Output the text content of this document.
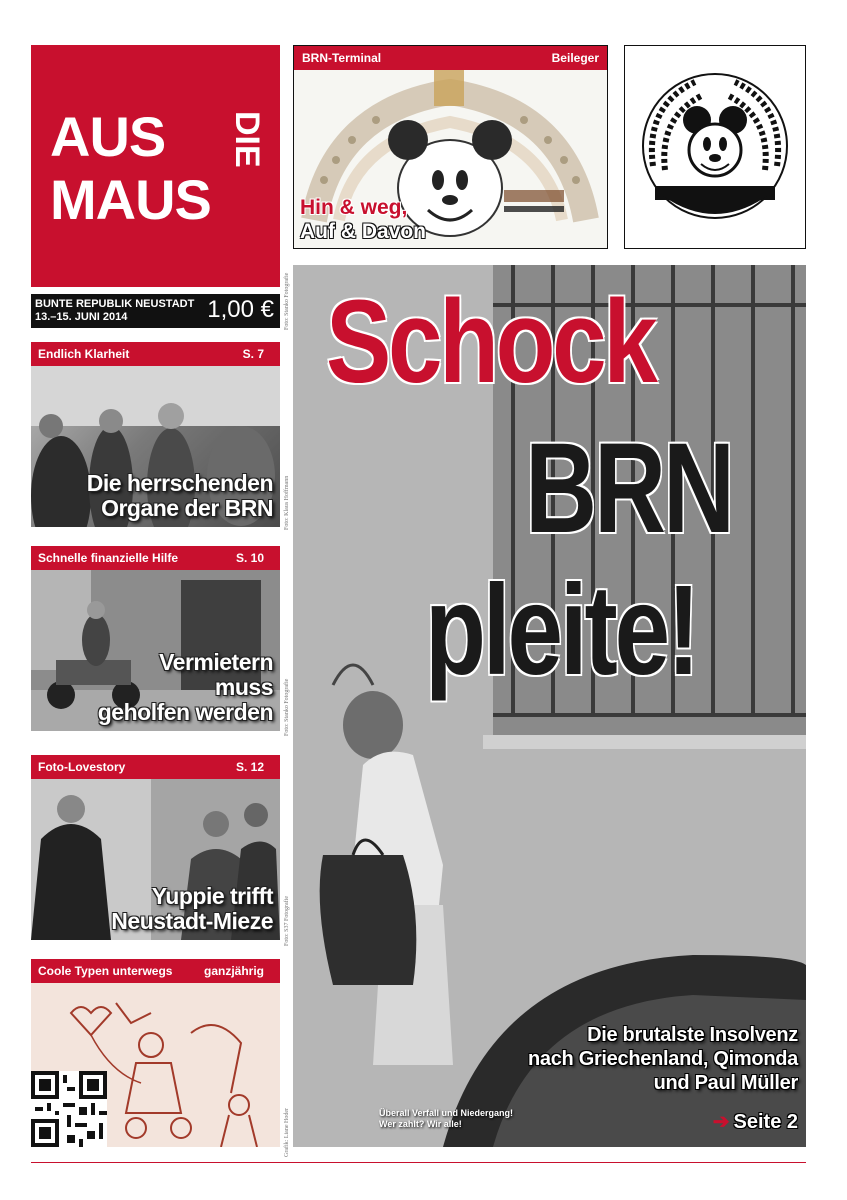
AUS
MAUS
DIE
BUNTE REPUBLIK NEUSTADT
13.–15. JUNI 2014	1,00 €
BRN-Terminal	Beileger
Hin & weg,
Auf & Davon
Endlich Klarheit	S. 7
Die herrschenden
Organe der BRN Foto: Klaus Hoffmann
Schnelle finanzielle Hilfe	S. 10
Vermietern
muss
geholfen werden Foto: Stanko Fotografie
Foto-Lovestory	S. 12
Yuppie trifft
Neustadt-Mieze Foto: S37 Fotografie
Coole Typen unterwegs	ganzjährig
Grafik: Liane Hoder
Schock
BRN
pleite!
Die brutalste Insolvenz
nach Griechenland, Qimonda
und Paul Müller
Überall Verfall und Niedergang!
Wer zahlt? Wir alle!	➔ Seite 2
Foto: Stanko Fotografie
